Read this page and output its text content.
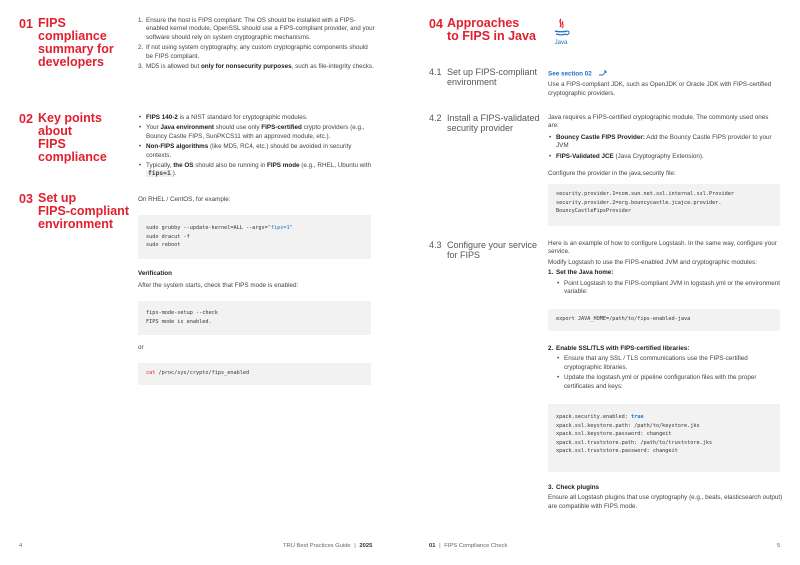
01 FIPS compliance
summary for
developers
1. Ensure the host is FIPS compliant: The OS should be installed with a FIPS-enabled kernel module, OpenSSL should use a FIPS-compliant provider, and your software should rely on system cryptographic mechanisms.
2. If not using system cryptography, any custom cryptographic components should be FIPS compliant.
3. MD5 is allowed but only for nonsecurity purposes, such as file-integrity checks.
02 Key points about
FIPS compliance
• FIPS 140-2 is a NIST standard for cryptographic modules.
• Your Java environment should use only FIPS-certified crypto providers (e.g., Bouncy Castle FIPS, SunPKCS11 with an approved module, etc.).
• Non-FIPS algorithms (like MD5, RC4, etc.) should be avoided in security contexts.
• Typically, the OS should also be running in FIPS mode (e.g., RHEL, Ubuntu with fips=1 ).
03 Set up
FIPS-compliant
environment
On RHEL / CentOS, for example:
sudo grubby --update-kernel=ALL --args="fips=1"
sudo dracut -f
sudo reboot
Verification
After the system starts, check that FIPS mode is enabled:
fips-mode-setup --check
FIPS mode is enabled.
or
cat /proc/sys/crypto/fips_enabled
4	TRU Best Practices Guide | 2025
04 Approaches
to FIPS in Java	Java
4.1 Set up FIPS-compliant
environment
See section 02
Use a FIPS-compliant JDK, such as OpenJDK or Oracle JDK with FIPS-certified cryptographic providers.
4.2 Install a FIPS-validated
security provider
Java requires a FIPS-certified cryptographic module. The commonly used ones are:
• Bouncy Castle FIPS Provider: Add the Bouncy Castle FIPS provider to your JVM
• FIPS-Validated JCE (Java Cryptography Extension).
Configure the provider in the java.security file:
security.provider.1=com.sun.net.ssl.internal.ssl.Provider
security.provider.2=org.bouncycastle.jcajce.provider.
BouncyCastleFipsProvider
4.3 Configure your service
for FIPS
Here is an example of how to configure Logstash. In the same way, configure your service.
Modify Logstash to use the FIPS-enabled JVM and cryptographic modules:
1. Set the Java home:
• Point Logstash to the FIPS-compliant JVM in logstash.yml or the environment variable:
export JAVA_HOME=/path/to/fips-enabled-java
2. Enable SSL/TLS with FIPS-certified libraries:
• Ensure that any SSL / TLS communications use the FIPS-certified cryptographic libraries.
• Update the logstash.yml or pipeline configuration files with the proper certificates and keys:
xpack.security.enabled: true
xpack.ssl.keystore.path: /path/to/keystore.jks
xpack.ssl.keystore.password: changeit
xpack.ssl.truststore.path: /path/to/truststore.jks
xpack.ssl.truststore.password: changeit
3. Check plugins
Ensure all Logstash plugins that use cryptography (e.g., beats, elasticsearch output) are compatible with FIPS mode.
01 | FIPS Compliance Check	5
